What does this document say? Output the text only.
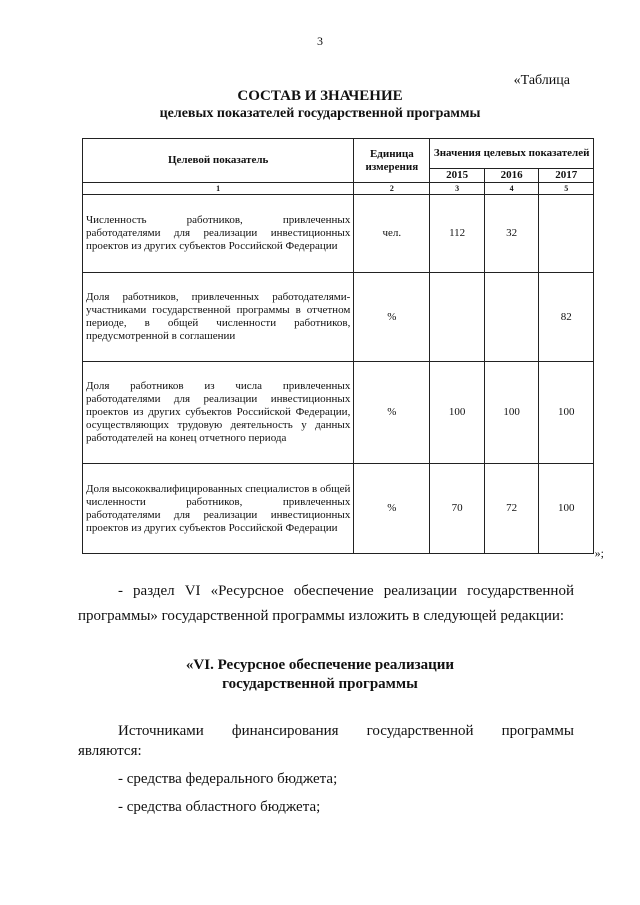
3
«Таблица
СОСТАВ И ЗНАЧЕНИЕ
целевых показателей государственной программы
Целевой показатель	Единица измерения	Значения целевых показателей		
		2015	2016	2017
1	2	3	4	5
Численность работников, привлеченных работодателями для реализации инвестиционных проектов из других субъектов Российской Федерации	чел.	112	32	
Доля работников, привлеченных работодателями-участниками государственной программы в отчетном периоде, в общей численности работников, предусмотренной в соглашении	%			82
Доля работников из числа привлеченных работодателями для реализации инвестиционных проектов из других субъектов Российской Федерации, осуществляющих трудовую деятельность у данных работодателей на конец отчетного периода	%	100	100	100
Доля высококвалифицированных специалистов в общей численности работников, привлеченных работодателями для реализации инвестиционных проектов из других субъектов Российской Федерации	%	70	72	100
»;
- раздел VI «Ресурсное обеспечение реализации государственной
программы» государственной программы изложить в следующей редакции:
«VI. Ресурсное обеспечение реализации
государственной программы
Источниками финансирования государственной программы
являются:
- средства федерального бюджета;
- средства областного бюджета;
